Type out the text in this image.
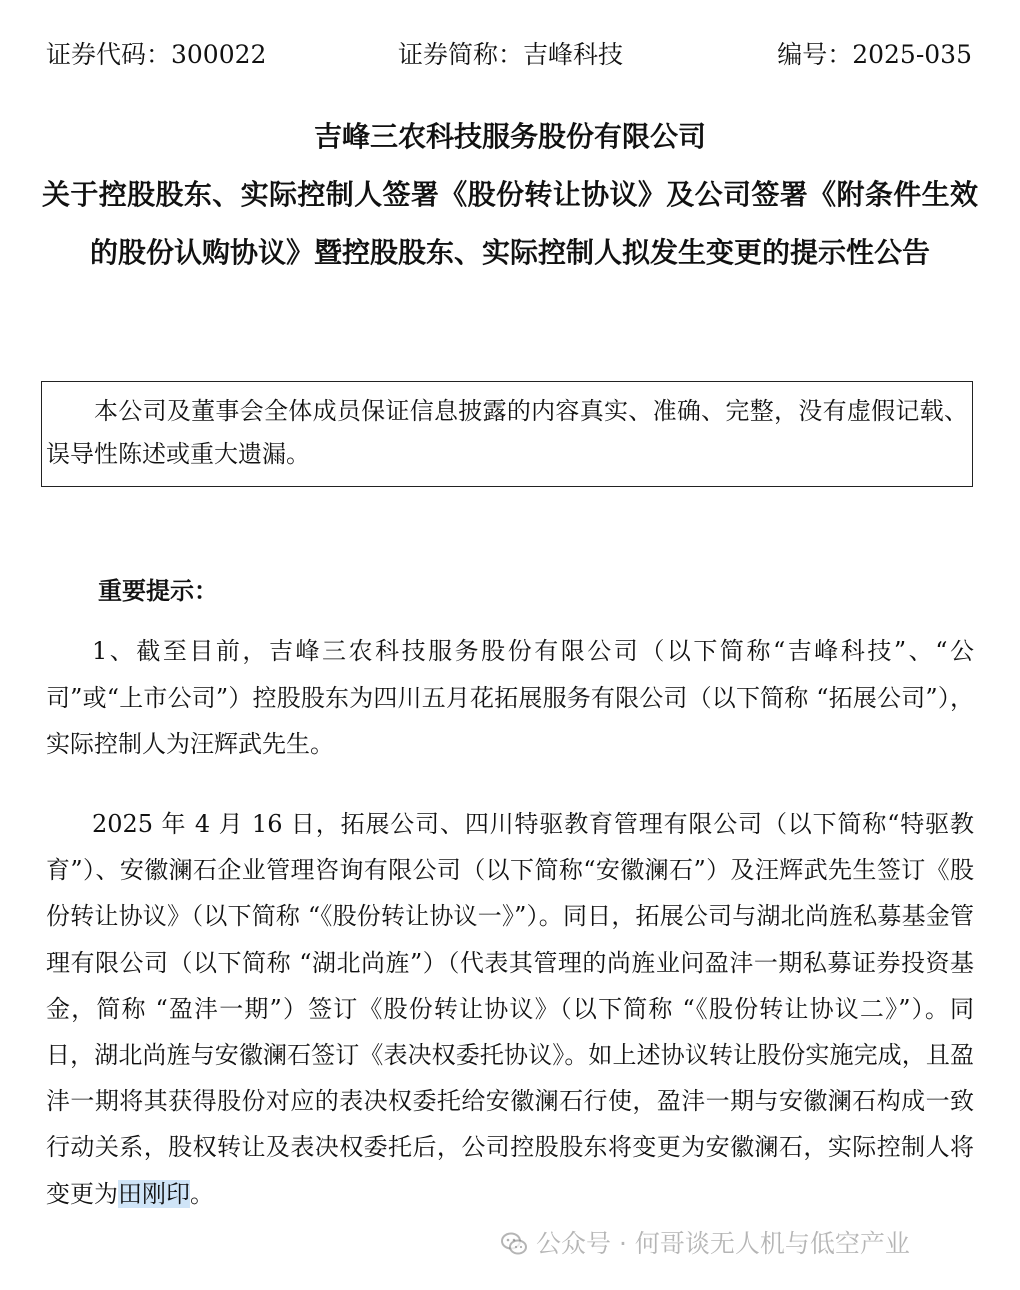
证券代码：300022	证券简称：吉峰科技	编号：2025-035
吉峰三农科技服务股份有限公司
关于控股股东、实际控制人签署《股份转让协议》及公司签署《附条件生效的股份认购协议》暨控股股东、实际控制人拟发生变更的提示性公告
本公司及董事会全体成员保证信息披露的内容真实、准确、完整，没有虚假记载、误导性陈述或重大遗漏。
重要提示：
1、截至目前，吉峰三农科技服务股份有限公司（以下简称“吉峰科技”、“公司”或“上市公司”）控股股东为四川五月花拓展服务有限公司（以下简称 “拓展公司”），实际控制人为汪辉武先生。
2025 年 4 月 16 日，拓展公司、四川特驱教育管理有限公司（以下简称“特驱教育”）、安徽澜石企业管理咨询有限公司（以下简称“安徽澜石”）及汪辉武先生签订《股份转让协议》（以下简称 “《股份转让协议一》”）。同日，拓展公司与湖北尚旌私募基金管理有限公司（以下简称 “湖北尚旌”）（代表其管理的尚旌业问盈沣一期私募证券投资基金，简称 “盈沣一期”）签订《股份转让协议》（以下简称 “《股份转让协议二》”）。同日，湖北尚旌与安徽澜石签订《表决权委托协议》。如上述协议转让股份实施完成，且盈沣一期将其获得股份对应的表决权委托给安徽澜石行使，盈沣一期与安徽澜石构成一致行动关系，股权转让及表决权委托后，公司控股股东将变更为安徽澜石，实际控制人将变更为田刚印。
公众号 · 何哥谈无人机与低空产业
